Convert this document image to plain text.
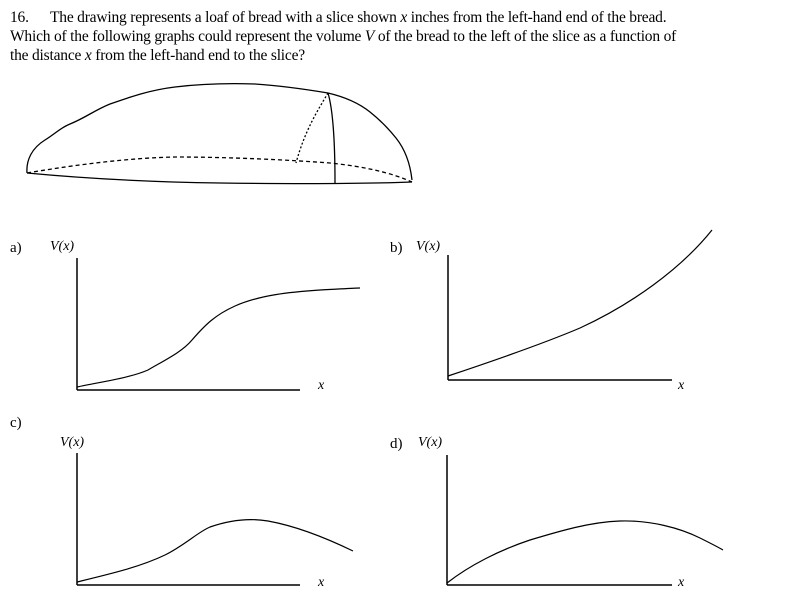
16. The drawing represents a loaf of bread with a slice shown x inches from the left-hand end of the bread.
Which of the following graphs could represent the volume V of the bread to the left of the slice as a function of
the distance x from the left-hand end to the slice?
a) V(x)
x
b) V(x)
x
c)
V(x)
x
d) V(x)
x
